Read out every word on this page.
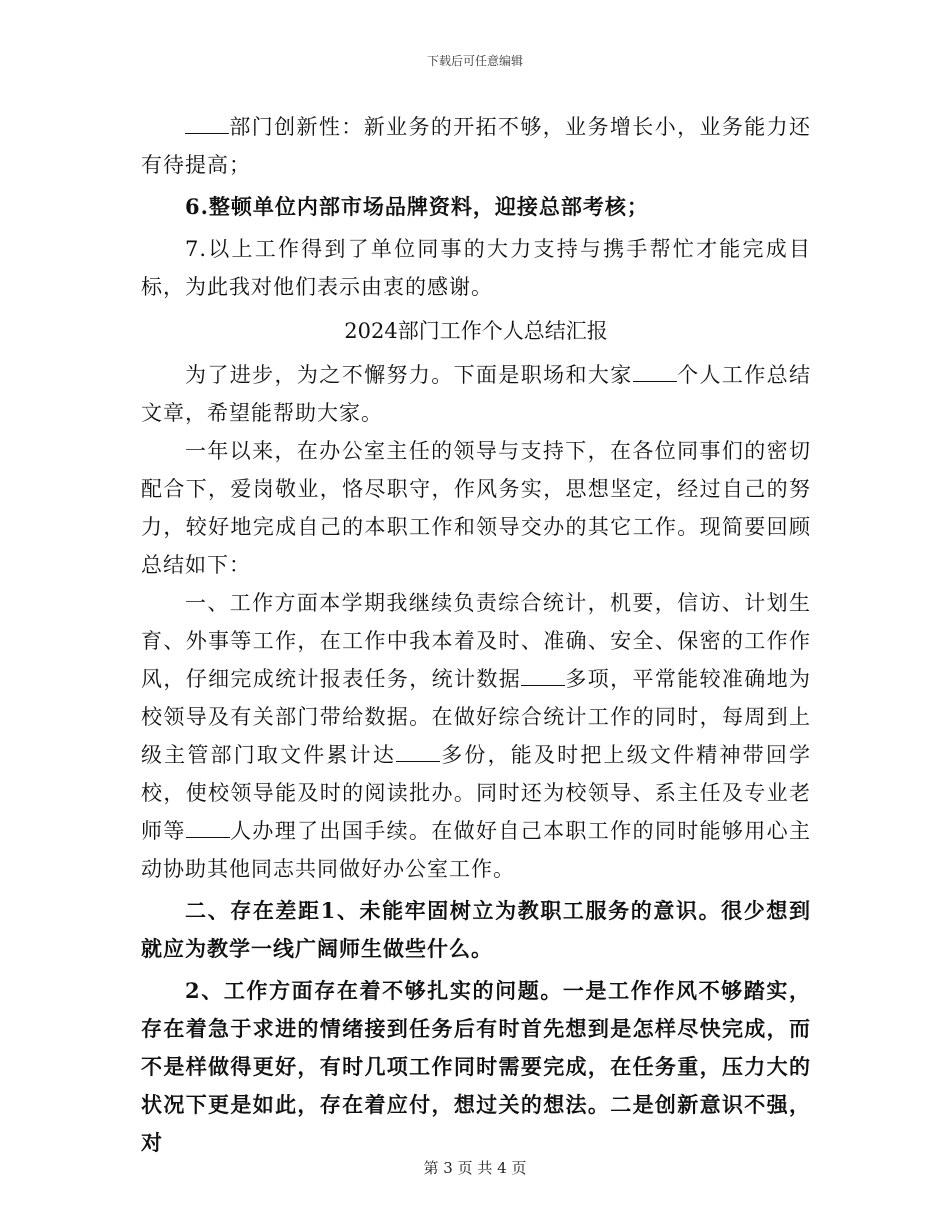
下载后可任意编辑

部门创新性：新业务的开拓不够，业务增长小，业务能力还有待提高；

6.整顿单位内部市场品牌资料，迎接总部考核；

7.以上工作得到了单位同事的大力支持与携手帮忙才能完成目标，为此我对他们表示由衷的感谢。

2024部门工作个人总结汇报

为了进步，为之不懈努力。下面是职场和大家 个人工作总结文章，希望能帮助大家。

一年以来，在办公室主任的领导与支持下，在各位同事们的密切配合下，爱岗敬业，恪尽职守，作风务实，思想坚定，经过自己的努力，较好地完成自己的本职工作和领导交办的其它工作。现简要回顾总结如下：

一、工作方面本学期我继续负责综合统计，机要，信访、计划生育、外事等工作，在工作中我本着及时、准确、安全、保密的工作作风，仔细完成统计报表任务，统计数据 多项，平常能较准确地为校领导及有关部门带给数据。在做好综合统计工作的同时，每周到上级主管部门取文件累计达 多份，能及时把上级文件精神带回学校，使校领导能及时的阅读批办。同时还为校领导、系主任及专业老师等 人办理了出国手续。在做好自己本职工作的同时能够用心主动协助其他同志共同做好办公室工作。

二、存在差距1、未能牢固树立为教职工服务的意识。很少想到就应为教学一线广阔师生做些什么。

2、工作方面存在着不够扎实的问题。一是工作作风不够踏实，存在着急于求进的情绪接到任务后有时首先想到是怎样尽快完成，而不是样做得更好，有时几项工作同时需要完成，在任务重，压力大的状况下更是如此，存在着应付，想过关的想法。二是创新意识不强，对

第 3 页 共 4 页
